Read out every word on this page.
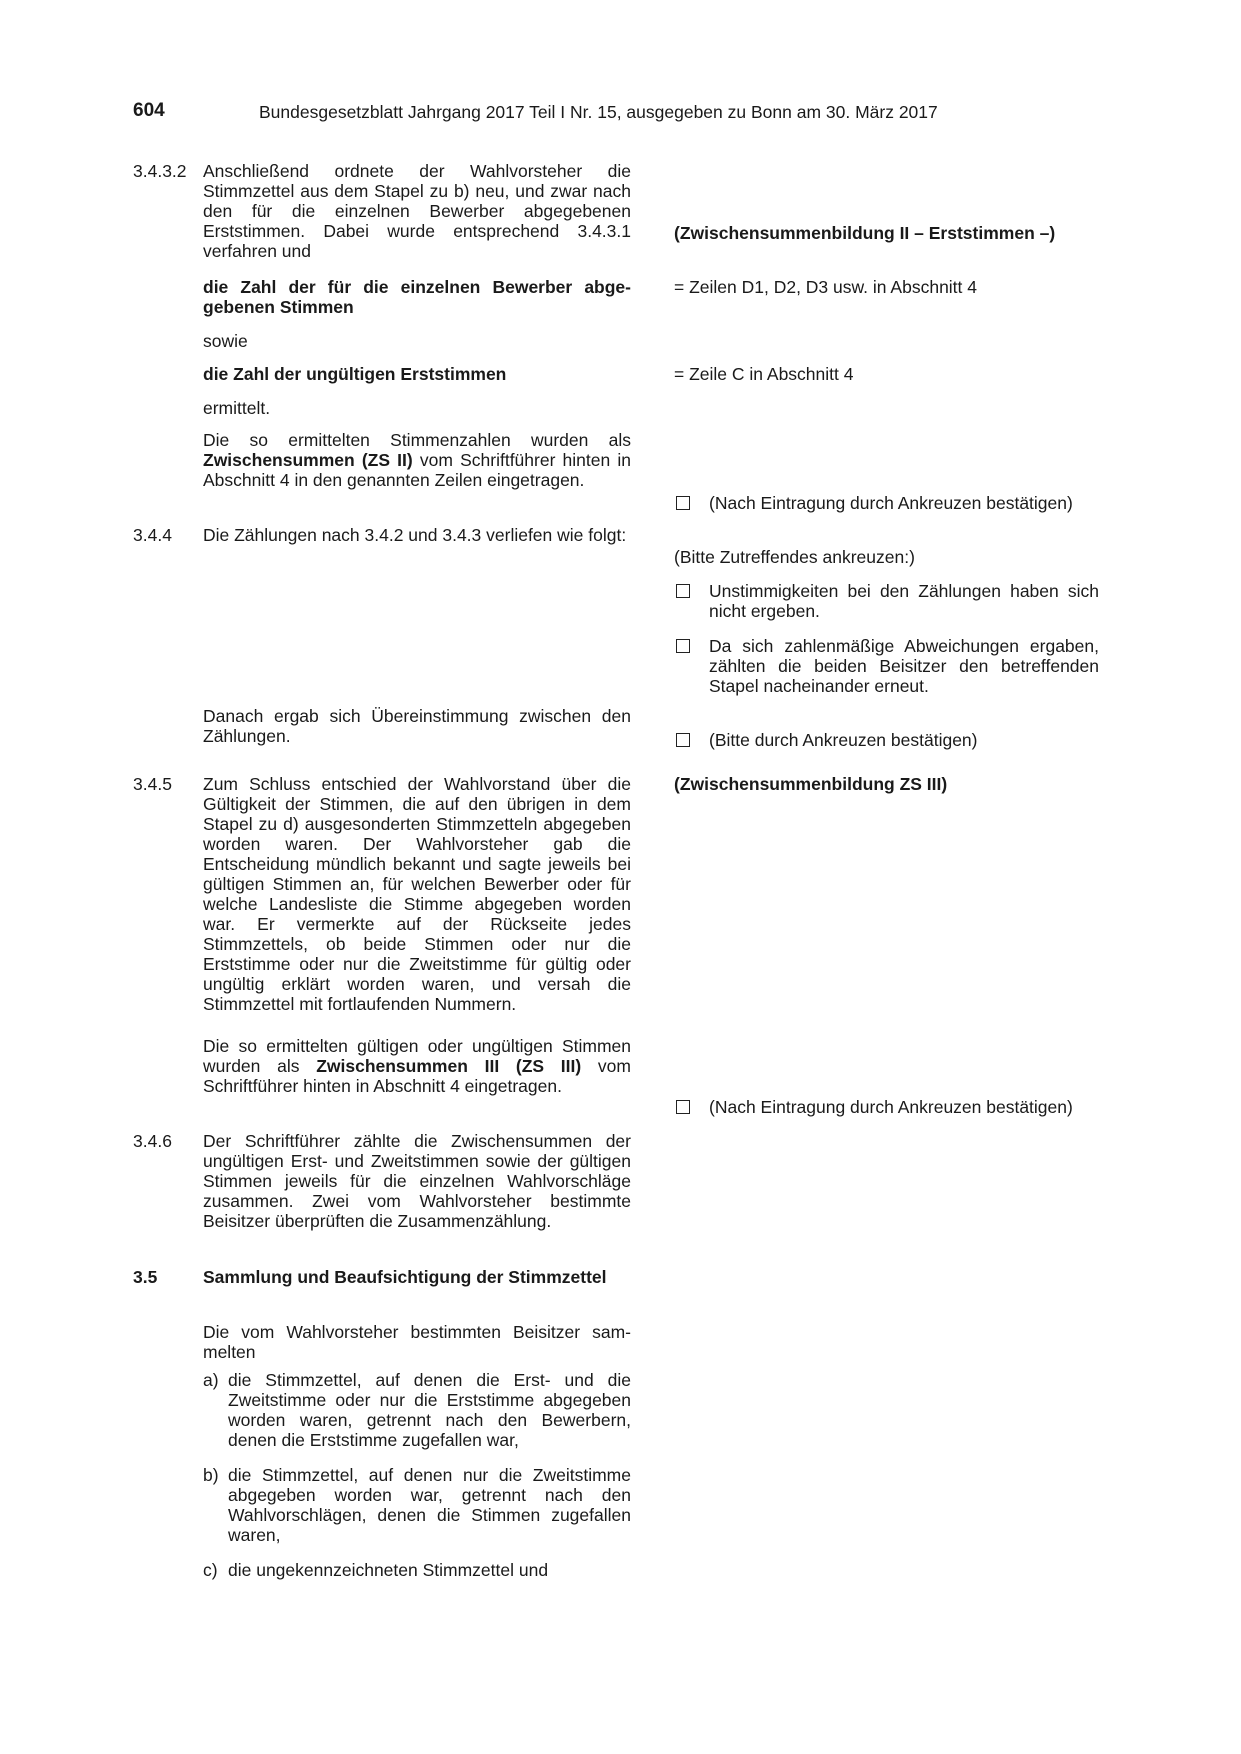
604	Bundesgesetzblatt Jahrgang 2017 Teil I Nr. 15, ausgegeben zu Bonn am 30. März 2017
3.4.3.2 Anschließend ordnete der Wahlvorsteher die Stimmzettel aus dem Stapel zu b) neu, und zwar nach den für die einzelnen Bewerber abgegebenen Erststimmen. Dabei wurde entsprechend 3.4.3.1 verfahren und
die Zahl der für die einzelnen Bewerber abgegebenen Stimmen
sowie
die Zahl der ungültigen Erststimmen
ermittelt.
Die so ermittelten Stimmenzahlen wurden als Zwischensummen (ZS II) vom Schriftführer hinten in Abschnitt 4 in den genannten Zeilen eingetragen.
3.4.4	Die Zählungen nach 3.4.2 und 3.4.3 verliefen wie folgt:
Danach ergab sich Übereinstimmung zwischen den Zählungen.
3.4.5	Zum Schluss entschied der Wahlvorstand über die Gültigkeit der Stimmen, die auf den übrigen in dem Stapel zu d) ausgesonderten Stimmzetteln abgegeben worden waren. Der Wahlvorsteher gab die Entscheidung mündlich bekannt und sagte jeweils bei gültigen Stimmen an, für welchen Bewerber oder für welche Landesliste die Stimme abgegeben worden war. Er vermerkte auf der Rückseite jedes Stimmzettels, ob beide Stimmen oder nur die Erststimme oder nur die Zweitstimme für gültig oder ungültig erklärt worden waren, und versah die Stimmzettel mit fortlaufenden Nummern.
Die so ermittelten gültigen oder ungültigen Stimmen wurden als Zwischensummen III (ZS III) vom Schriftführer hinten in Abschnitt 4 eingetragen.
3.4.6	Der Schriftführer zählte die Zwischensummen der ungültigen Erst- und Zweitstimmen sowie der gültigen Stimmen jeweils für die einzelnen Wahlvorschläge zusammen. Zwei vom Wahlvorsteher bestimmte Beisitzer überprüften die Zusammenzählung.
3.5	Sammlung und Beaufsichtigung der Stimmzettel
Die vom Wahlvorsteher bestimmten Beisitzer sammelten
a) die Stimmzettel, auf denen die Erst- und die Zweitstimme oder nur die Erststimme abgegeben worden waren, getrennt nach den Bewerbern, denen die Erststimme zugefallen war,
b) die Stimmzettel, auf denen nur die Zweitstimme abgegeben worden war, getrennt nach den Wahlvorschlägen, denen die Stimmen zugefallen waren,
c) die ungekennzeichneten Stimmzettel und
(Zwischensummenbildung II – Erststimmen –)
= Zeilen D1, D2, D3 usw. in Abschnitt 4
= Zeile C in Abschnitt 4
(Nach Eintragung durch Ankreuzen bestätigen)
(Bitte Zutreffendes ankreuzen:)
Unstimmigkeiten bei den Zählungen haben sich nicht ergeben.
Da sich zahlenmäßige Abweichungen ergaben, zählten die beiden Beisitzer den betreffenden Stapel nacheinander erneut.
(Bitte durch Ankreuzen bestätigen)
(Zwischensummenbildung ZS III)
(Nach Eintragung durch Ankreuzen bestätigen)
